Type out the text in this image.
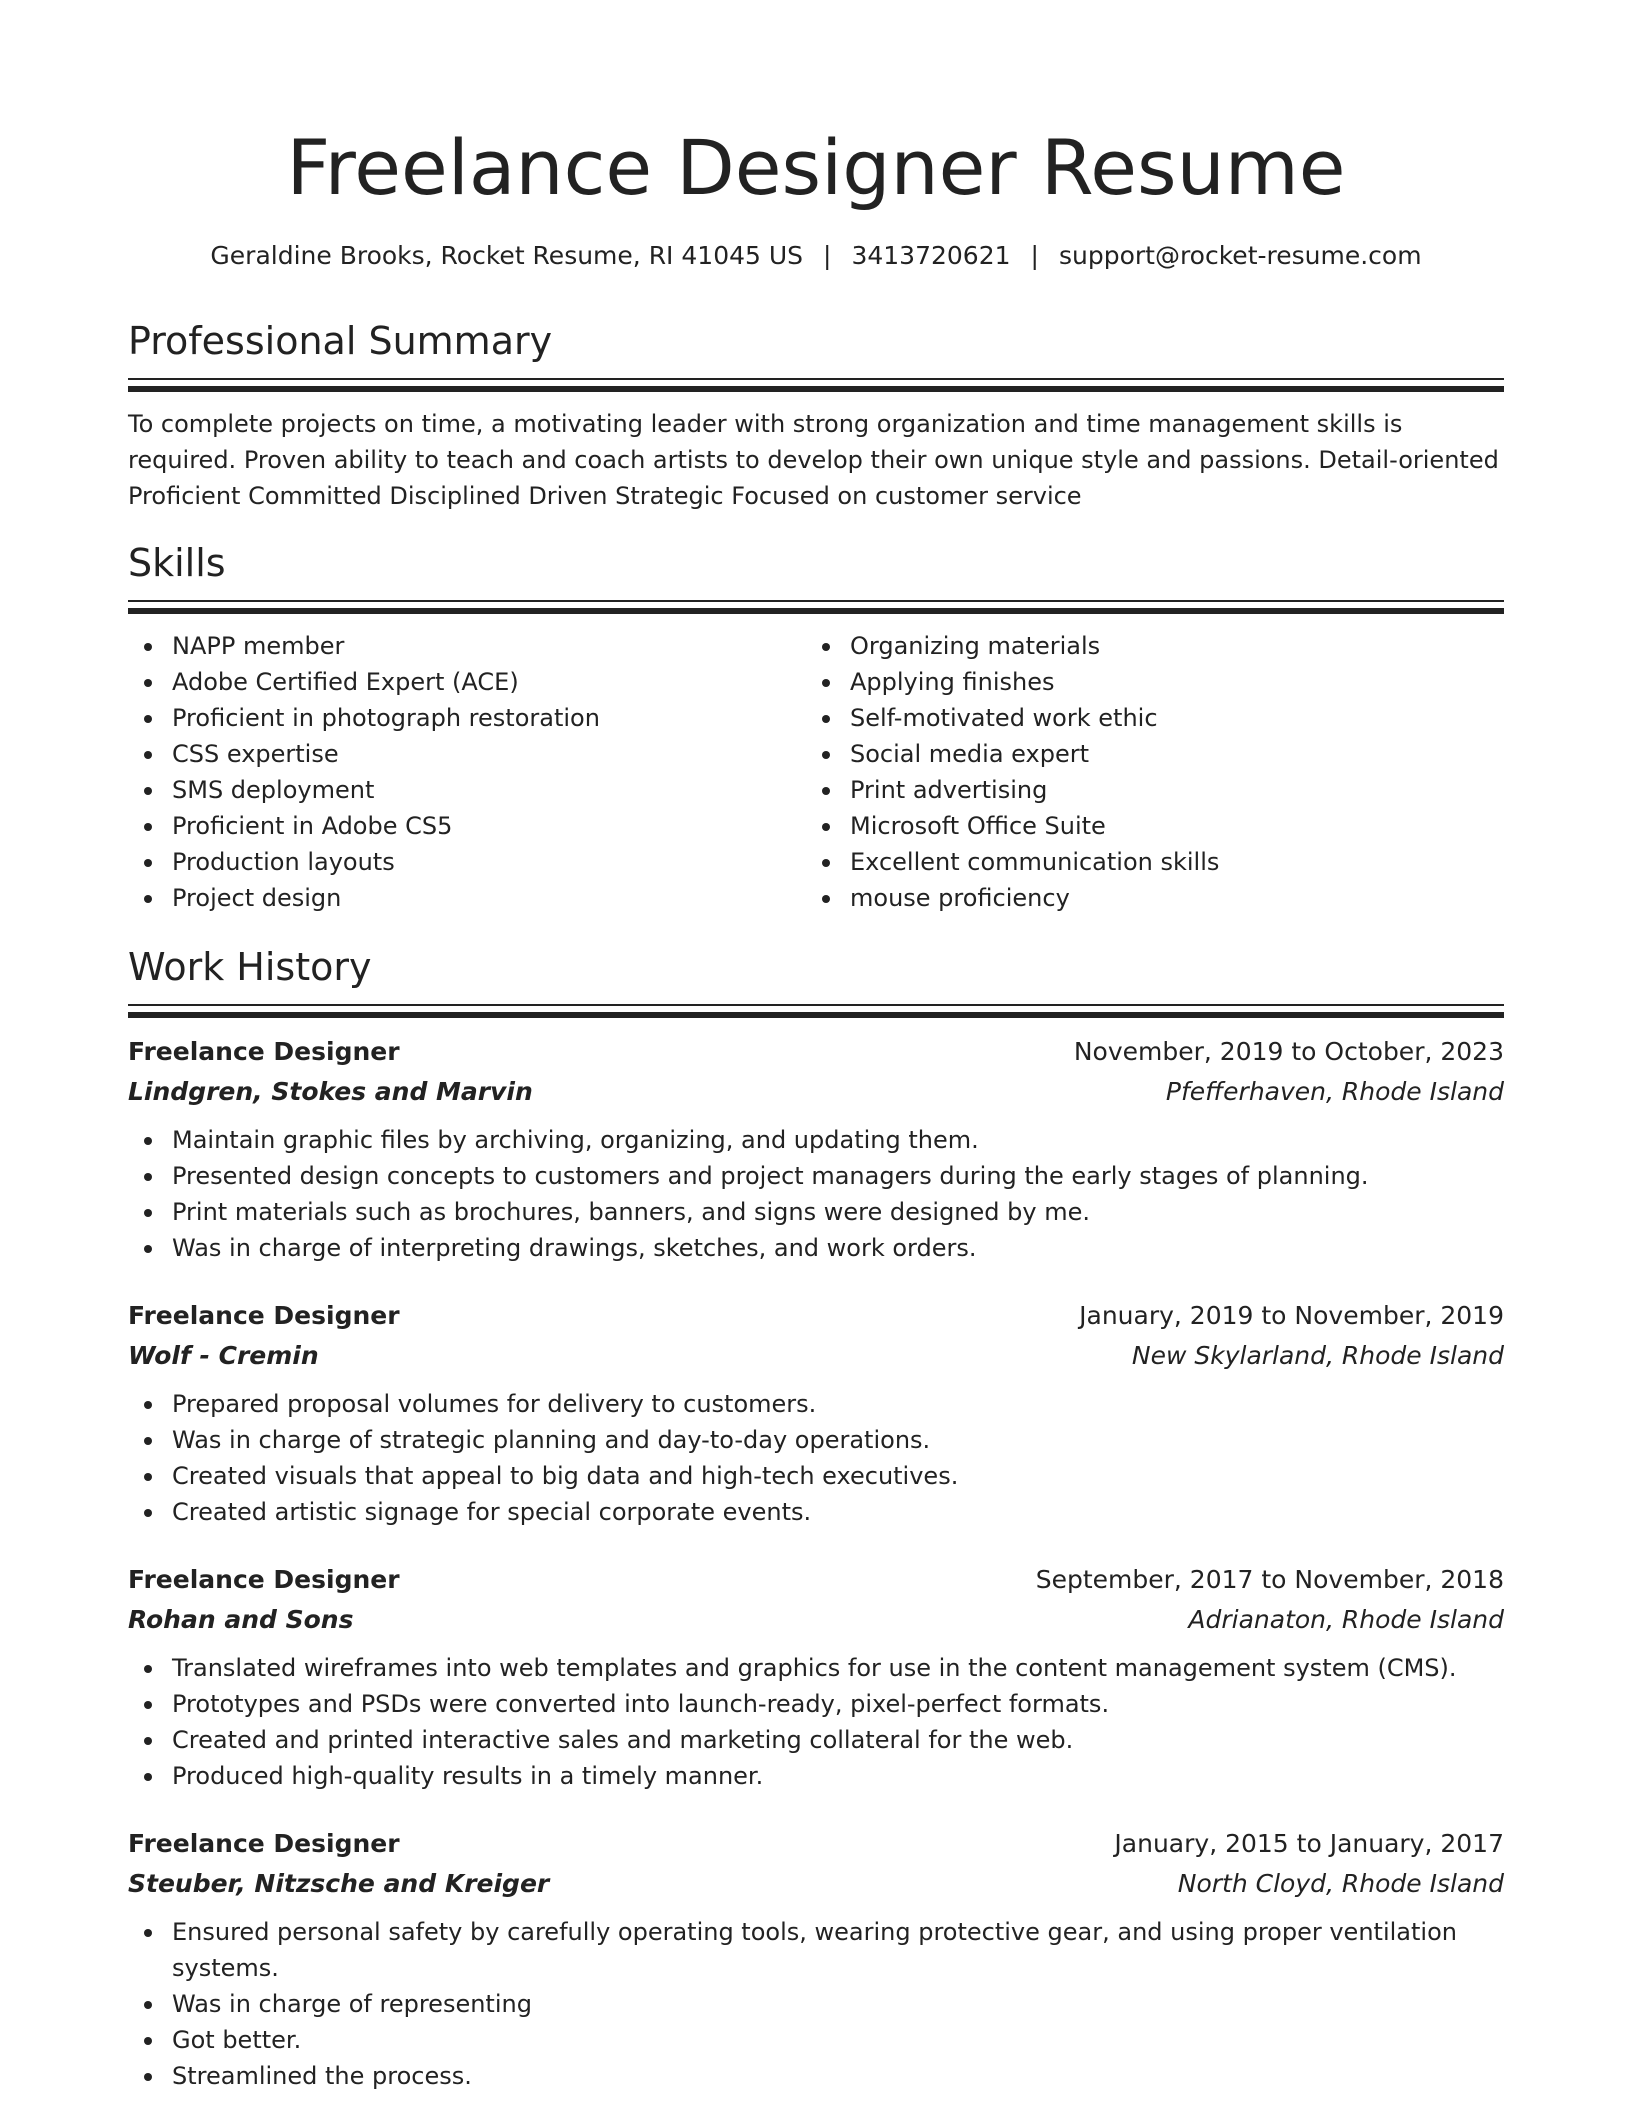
Freelance Designer Resume
Geraldine Brooks, Rocket Resume, RI 41045 US | 3413720621 | support@rocket-resume.com
Professional Summary
To complete projects on time, a motivating leader with strong organization and time management skills is required. Proven ability to teach and coach artists to develop their own unique style and passions. Detail-oriented Proficient Committed Disciplined Driven Strategic Focused on customer service
Skills
NAPP member
Adobe Certified Expert (ACE)
Proficient in photograph restoration
CSS expertise
SMS deployment
Proficient in Adobe CS5
Production layouts
Project design
Organizing materials
Applying finishes
Self-motivated work ethic
Social media expert
Print advertising
Microsoft Office Suite
Excellent communication skills
mouse proficiency
Work History
Freelance Designer	November, 2019 to October, 2023
Lindgren, Stokes and Marvin	Pfefferhaven, Rhode Island
Maintain graphic files by archiving, organizing, and updating them.
Presented design concepts to customers and project managers during the early stages of planning.
Print materials such as brochures, banners, and signs were designed by me.
Was in charge of interpreting drawings, sketches, and work orders.
Freelance Designer	January, 2019 to November, 2019
Wolf - Cremin	New Skylarland, Rhode Island
Prepared proposal volumes for delivery to customers.
Was in charge of strategic planning and day-to-day operations.
Created visuals that appeal to big data and high-tech executives.
Created artistic signage for special corporate events.
Freelance Designer	September, 2017 to November, 2018
Rohan and Sons	Adrianaton, Rhode Island
Translated wireframes into web templates and graphics for use in the content management system (CMS).
Prototypes and PSDs were converted into launch-ready, pixel-perfect formats.
Created and printed interactive sales and marketing collateral for the web.
Produced high-quality results in a timely manner.
Freelance Designer	January, 2015 to January, 2017
Steuber, Nitzsche and Kreiger	North Cloyd, Rhode Island
Ensured personal safety by carefully operating tools, wearing protective gear, and using proper ventilation systems.
Was in charge of representing
Got better.
Streamlined the process.
